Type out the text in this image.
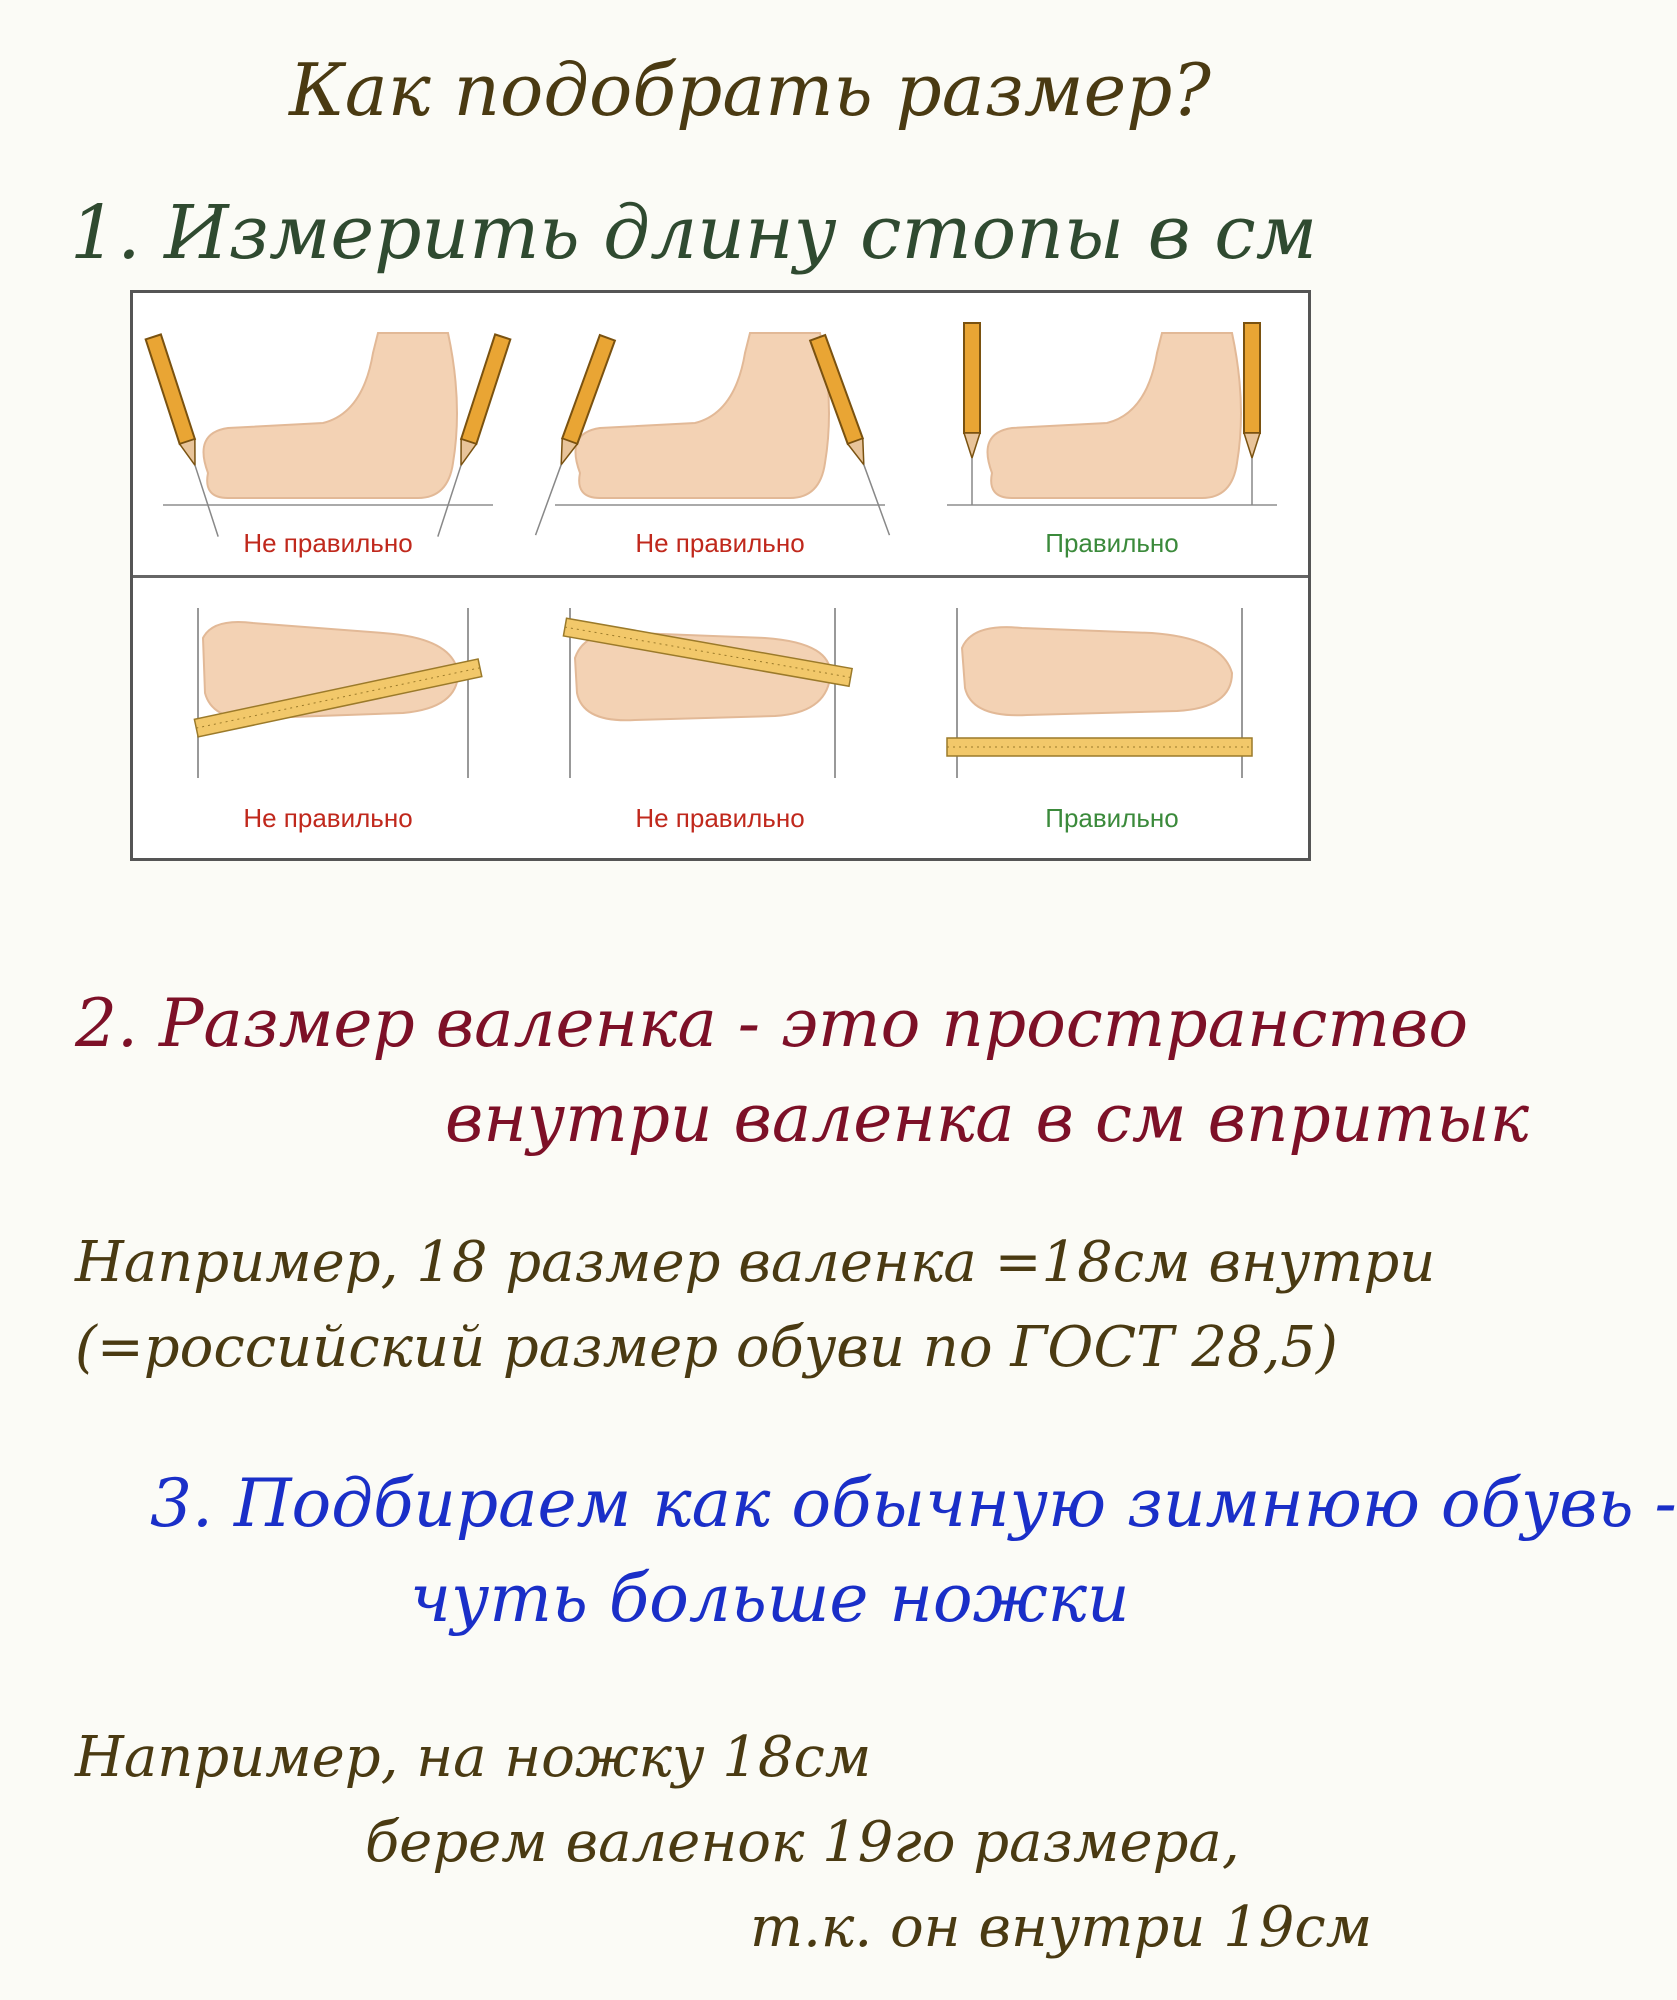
Как подобрать размер?
1. Измерить длину стопы в см
Не правильно	Не правильно	Правильно
Не правильно	Не правильно	Правильно
2. Размер валенка - это пространство
внутри валенка в см впритык
Например, 18 размер валенка =18см внутри
(=российский размер обуви по ГОСТ 28,5)
3. Подбираем как обычную зимнюю обувь -
чуть больше ножки
Например, на ножку 18см
берем валенок 19го размера,
т.к. он внутри 19см
